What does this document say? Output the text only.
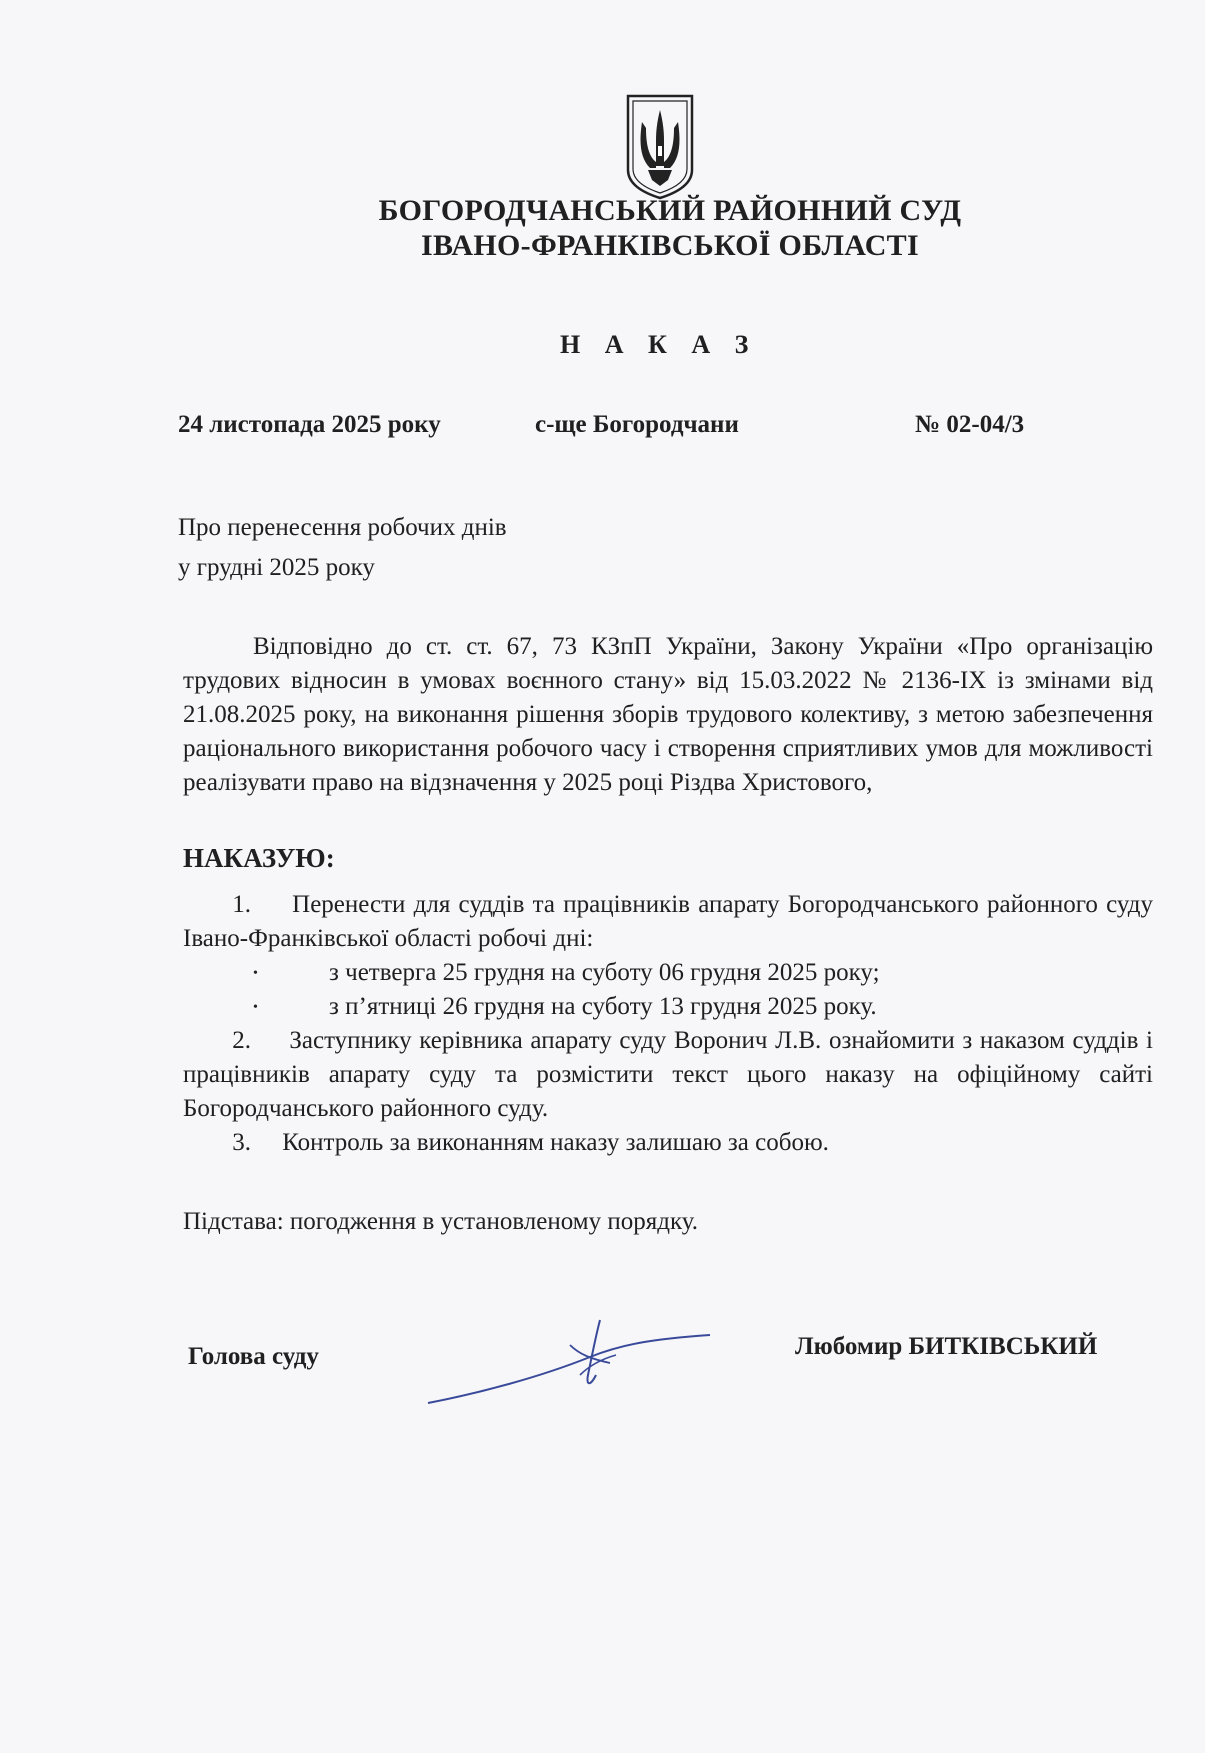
БОГОРОДЧАНСЬКИЙ РАЙОННИЙ СУД
ІВАНО-ФРАНКІВСЬКОЇ ОБЛАСТІ
Н А К А З
24 листопада 2025 року	с-ще Богородчани	№ 02-04/3
Про перенесення робочих днів
у грудні 2025 року

Відповідно до ст. ст. 67, 73 КЗпП України, Закону України «Про організацію трудових відносин в умовах воєнного стану» від 15.03.2022 № 2136-ІХ із змінами від 21.08.2025 року, на виконання рішення зборів трудового колективу, з метою забезпечення раціонального використання робочого часу і створення сприятливих умов для можливості реалізувати право на відзначення у 2025 році Різдва Христового,

НАКАЗУЮ:
1. Перенести для суддів та працівників апарату Богородчанського районного суду Івано-Франківської області робочі дні:
•	з четверга 25 грудня на суботу 06 грудня 2025 року;
•	з п’ятниці 26 грудня на суботу 13 грудня 2025 року.
2. Заступнику керівника апарату суду Воронич Л.В. ознайомити з наказом суддів і працівників апарату суду та розмістити текст цього наказу на офіційному сайті Богородчанського районного суду.
3. Контроль за виконанням наказу залишаю за собою.
Підстава: погодження в установленому порядку.
Голова суду	Любомир БИТКІВСЬКИЙ
